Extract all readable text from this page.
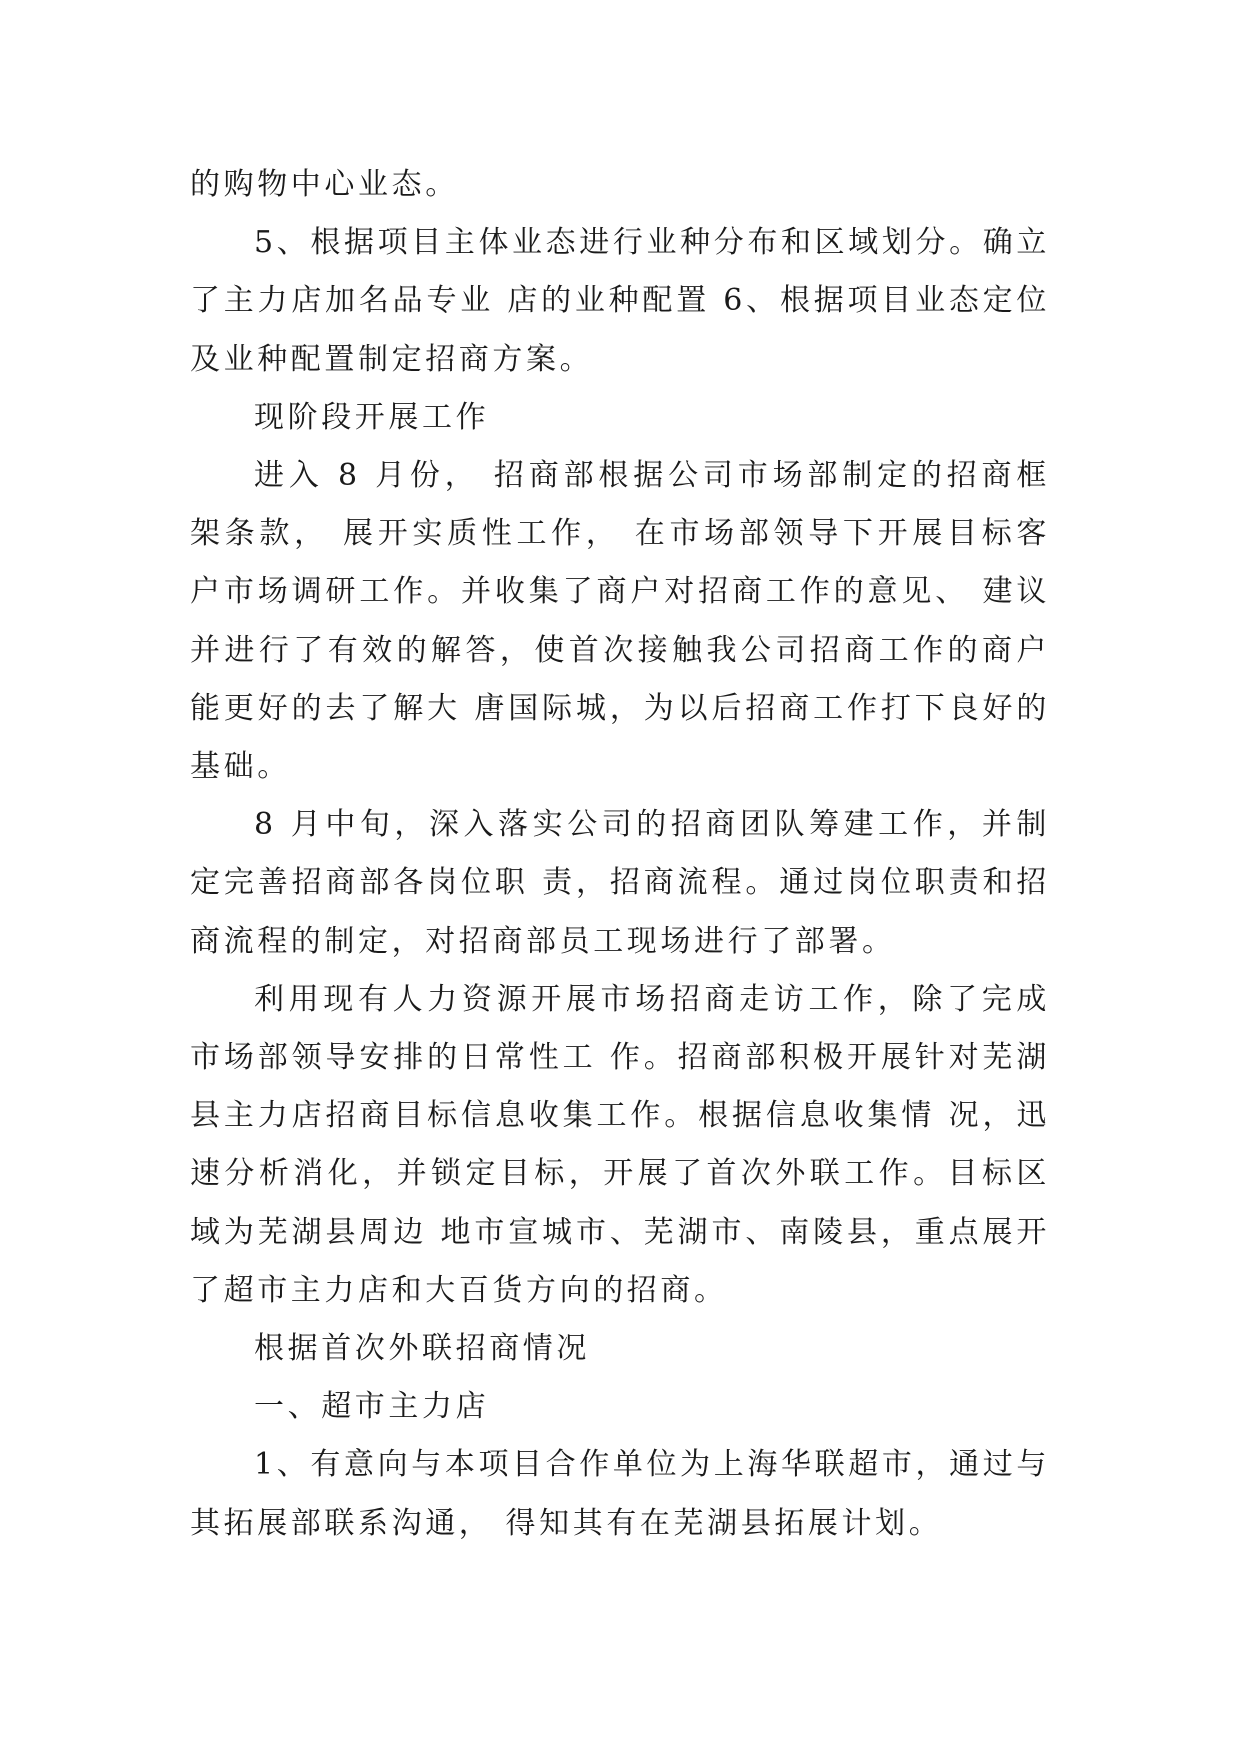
的购物中心业态。

5、根据项目主体业态进行业种分布和区域划分。确立了主力店加名品专业 店的业种配置 6、根据项目业态定位及业种配置制定招商方案。

现阶段开展工作

进入 8 月份， 招商部根据公司市场部制定的招商框架条款， 展开实质性工作， 在市场部领导下开展目标客户市场调研工作。并收集了商户对招商工作的意见、 建议并进行了有效的解答，使首次接触我公司招商工作的商户能更好的去了解大 唐国际城，为以后招商工作打下良好的基础。

8 月中旬，深入落实公司的招商团队筹建工作，并制定完善招商部各岗位职 责，招商流程。通过岗位职责和招商流程的制定，对招商部员工现场进行了部署。

利用现有人力资源开展市场招商走访工作，除了完成市场部领导安排的日常性工 作。招商部积极开展针对芜湖县主力店招商目标信息收集工作。根据信息收集情 况，迅速分析消化，并锁定目标，开展了首次外联工作。目标区域为芜湖县周边 地市宣城市、芜湖市、南陵县，重点展开了超市主力店和大百货方向的招商。

根据首次外联招商情况

一、超市主力店

1、有意向与本项目合作单位为上海华联超市，通过与其拓展部联系沟通， 得知其有在芜湖县拓展计划。
